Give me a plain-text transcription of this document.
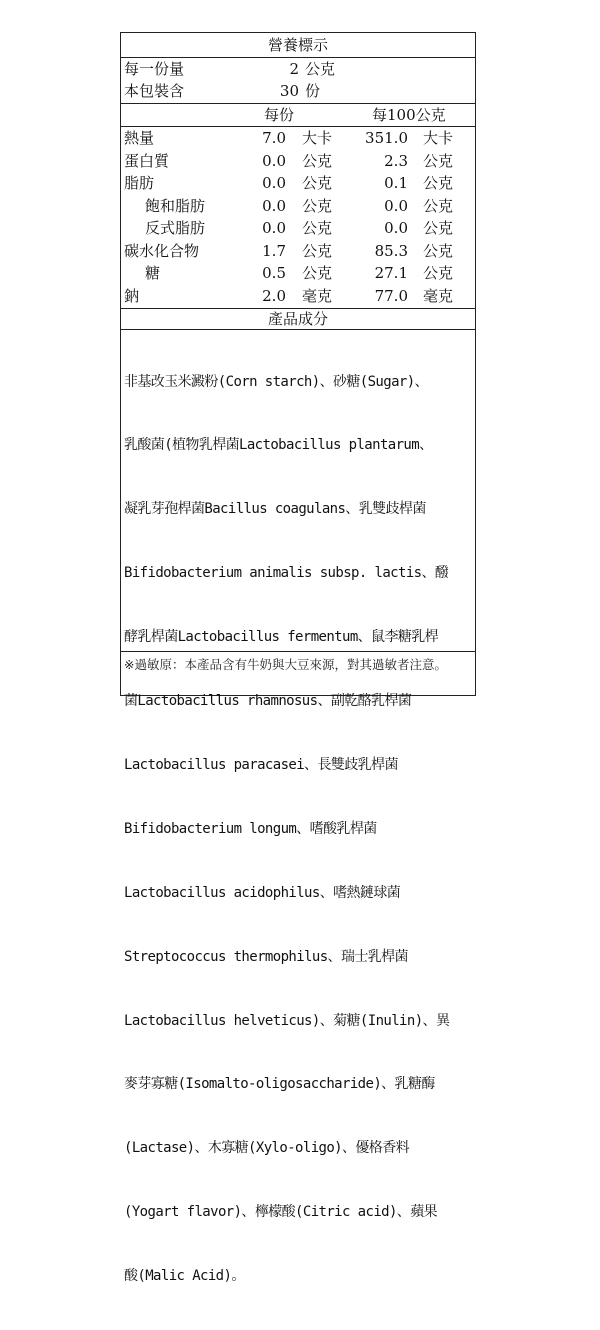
營養標示
每一份量	2 公克
本包裝含	30 份
每份	每100公克
熱量	7.0 大卡	351.0 大卡
蛋白質	0.0 公克	2.3 公克
脂肪	0.0 公克	0.1 公克
飽和脂肪	0.0 公克	0.0 公克
反式脂肪	0.0 公克	0.0 公克
碳水化合物	1.7 公克	85.3 公克
糖	0.5 公克	27.1 公克
鈉	2.0 毫克	77.0 毫克
產品成分

非基改玉米澱粉(Corn starch)、砂糖(Sugar)、

乳酸菌(植物乳桿菌Lactobacillus plantarum、

凝乳芽孢桿菌Bacillus coagulans、乳雙歧桿菌

Bifidobacterium animalis subsp. lactis、醱

酵乳桿菌Lactobacillus fermentum、鼠李糖乳桿

菌Lactobacillus rhamnosus、副乾酪乳桿菌

Lactobacillus paracasei、長雙歧乳桿菌

Bifidobacterium longum、嗜酸乳桿菌

Lactobacillus acidophilus、嗜熱鏈球菌

Streptococcus thermophilus、瑞士乳桿菌

Lactobacillus helveticus)、菊糖(Inulin)、異

麥芽寡糖(Isomalto-oligosaccharide)、乳糖酶

(Lactase)、木寡糖(Xylo-oligo)、優格香料

(Yogart flavor)、檸檬酸(Citric acid)、蘋果

酸(Malic Acid)。

※過敏原：本產品含有牛奶與大豆來源，對其過敏者注意。
